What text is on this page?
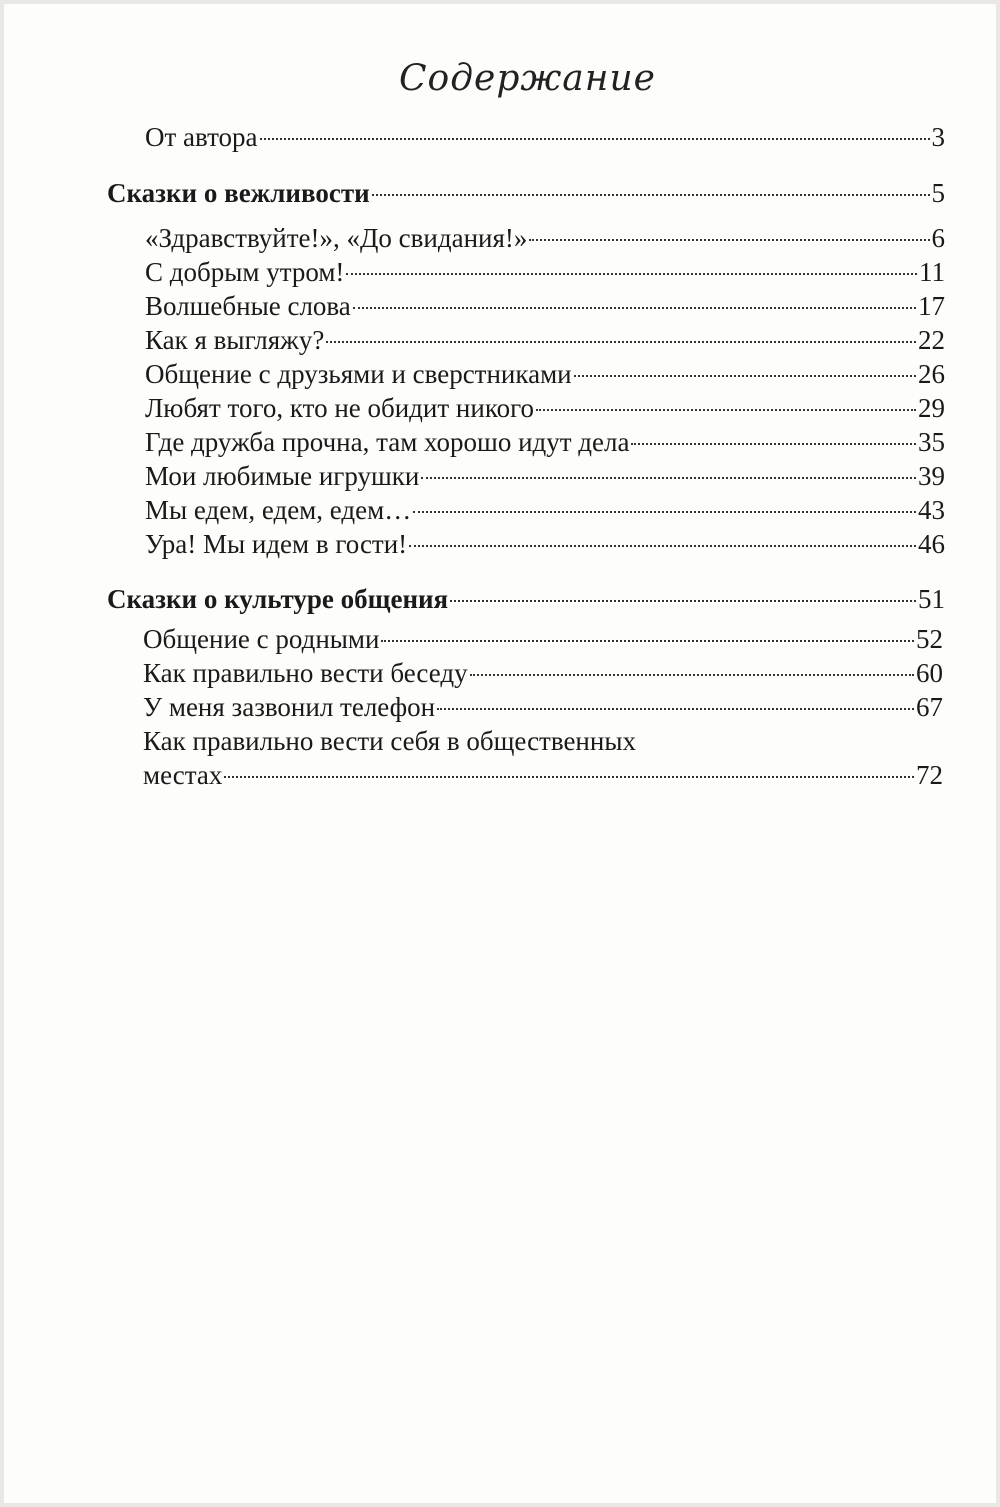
Содержание
От автора	3
Сказки о вежливости	5
«Здравствуйте!», «До свидания!»	6
С добрым утром!	11
Волшебные слова	17
Как я выгляжу?	22
Общение с друзьями и сверстниками	26
Любят того, кто не обидит никого	29
Где дружба прочна, там хорошо идут дела	35
Мои любимые игрушки	39
Мы едем, едем, едем…	43
Ура! Мы идем в гости!	46
Сказки о культуре общения	51
Общение с родными	52
Как правильно вести беседу	60
У меня зазвонил телефон	67
Как правильно вести себя в общественных
местах	72
